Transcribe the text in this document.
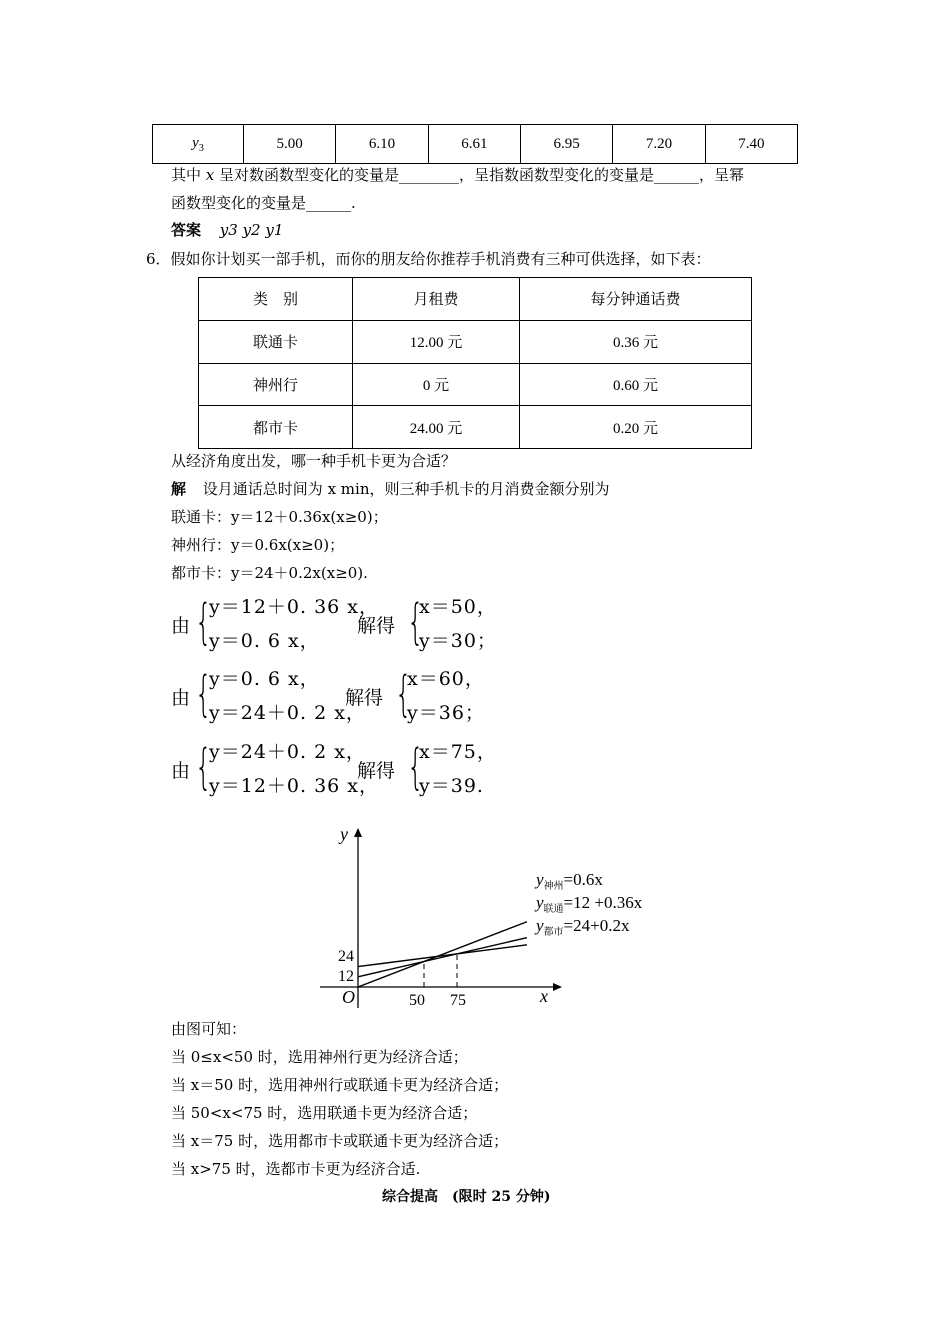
$y_3$	5.00	6.10	6.61	6.95	7.20	7.40
其中 x 呈对数函数型变化的变量是________，呈指数函数型变化的变量是______，呈幂
函数型变化的变量是______.
答案 y3 y2 y1
6．假如你计划买一部手机，而你的朋友给你推荐手机消费有三种可供选择，如下表：
类　别	月租费	每分钟通话费
联通卡	12.00 元	0.36 元
神州行	0 元	0.60 元
都市卡	24.00 元	0.20 元
从经济角度出发，哪一种手机卡更为合适？
解 设月通话总时间为 x min，则三种手机卡的月消费金额分别为
联通卡：y＝12＋0.36x(x≥0)；
神州行：y＝0.6x(x≥0)；
都市卡：y＝24＋0.2x(x≥0).
由 {
y＝12＋0. 36 x，
y＝0. 6 x，
解得 {
x＝50，
y＝30；
由 {
y＝0. 6 x，
y＝24＋0. 2 x，
解得 {
x＝60，
y＝36；
由 {
y＝24＋0. 2 x，
y＝12＋0. 36 x，
解得 {
x＝75，
y＝39.
y
x
O	50 75
12
24
$y_{神州}=0.6x$
$y_{联通}=12 +0.36x$
$y_{都市}=24+0.2x$
由图可知：
当 0≤x<50 时，选用神州行更为经济合适；
当 x＝50 时，选用神州行或联通卡更为经济合适；
当 50<x<75 时，选用联通卡更为经济合适；
当 x＝75 时，选用都市卡或联通卡更为经济合适；
当 x>75 时，选都市卡更为经济合适.
综合提高　(限时 25 分钟)
